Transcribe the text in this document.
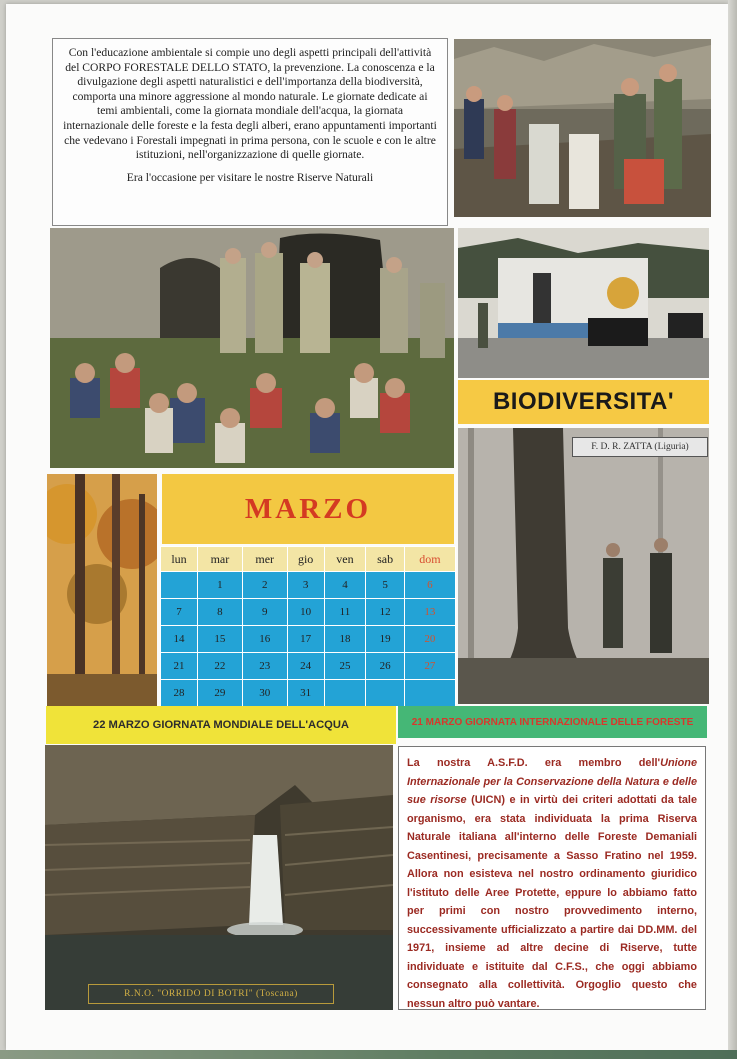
Con l'educazione ambientale si compie uno degli aspetti principali dell'attività del CORPO FORESTALE DELLO STATO, la prevenzione. La conoscenza e la divulgazione degli aspetti naturalistici e dell'importanza della biodiversità, comporta una minore aggressione al mondo naturale. Le giornate dedicate ai temi ambientali, come la giornata mondiale dell'acqua, la giornata internazionale delle foreste e la festa degli alberi, erano appuntamenti importanti che vedevano i Forestali impegnati in prima persona, con le scuole e con le altre istituzioni, nell'organizzazione di quelle giornate.

Era l'occasione per visitare le nostre Riserve Naturali

BIODIVERSITA'
F. D. R. ZATTA (Liguria)
MARZO
lun	mar	mer	gio	ven	sab	dom
	1	2	3	4	5	6
7	8	9	10	11	12	13
14	15	16	17	18	19	20
21	22	23	24	25	26	27
28	29	30	31			
22 MARZO GIORNATA MONDIALE DELL'ACQUA	21 MARZO GIORNATA INTERNAZIONALE DELLE FORESTE
R.N.O. "ORRIDO DI BOTRI" (Toscana)
La nostra A.S.F.D. era membro dell'Unione Internazionale per la Conservazione della Natura e delle sue risorse (UICN) e in virtù dei criteri adottati da tale organismo, era stata individuata la prima Riserva Naturale italiana all'interno delle Foreste Demaniali Casentinesi, precisamente a Sasso Fratino nel 1959. Allora non esisteva nel nostro ordinamento giuridico l'istituto delle Aree Protette, eppure lo abbiamo fatto per primi con nostro provvedimento interno, successivamente ufficializzato a partire dai DD.MM. del 1971, insieme ad altre decine di Riserve, tutte individuate e istituite dal C.F.S., che oggi abbiamo consegnato alla collettività. Orgoglio questo che nessun altro può vantare.
